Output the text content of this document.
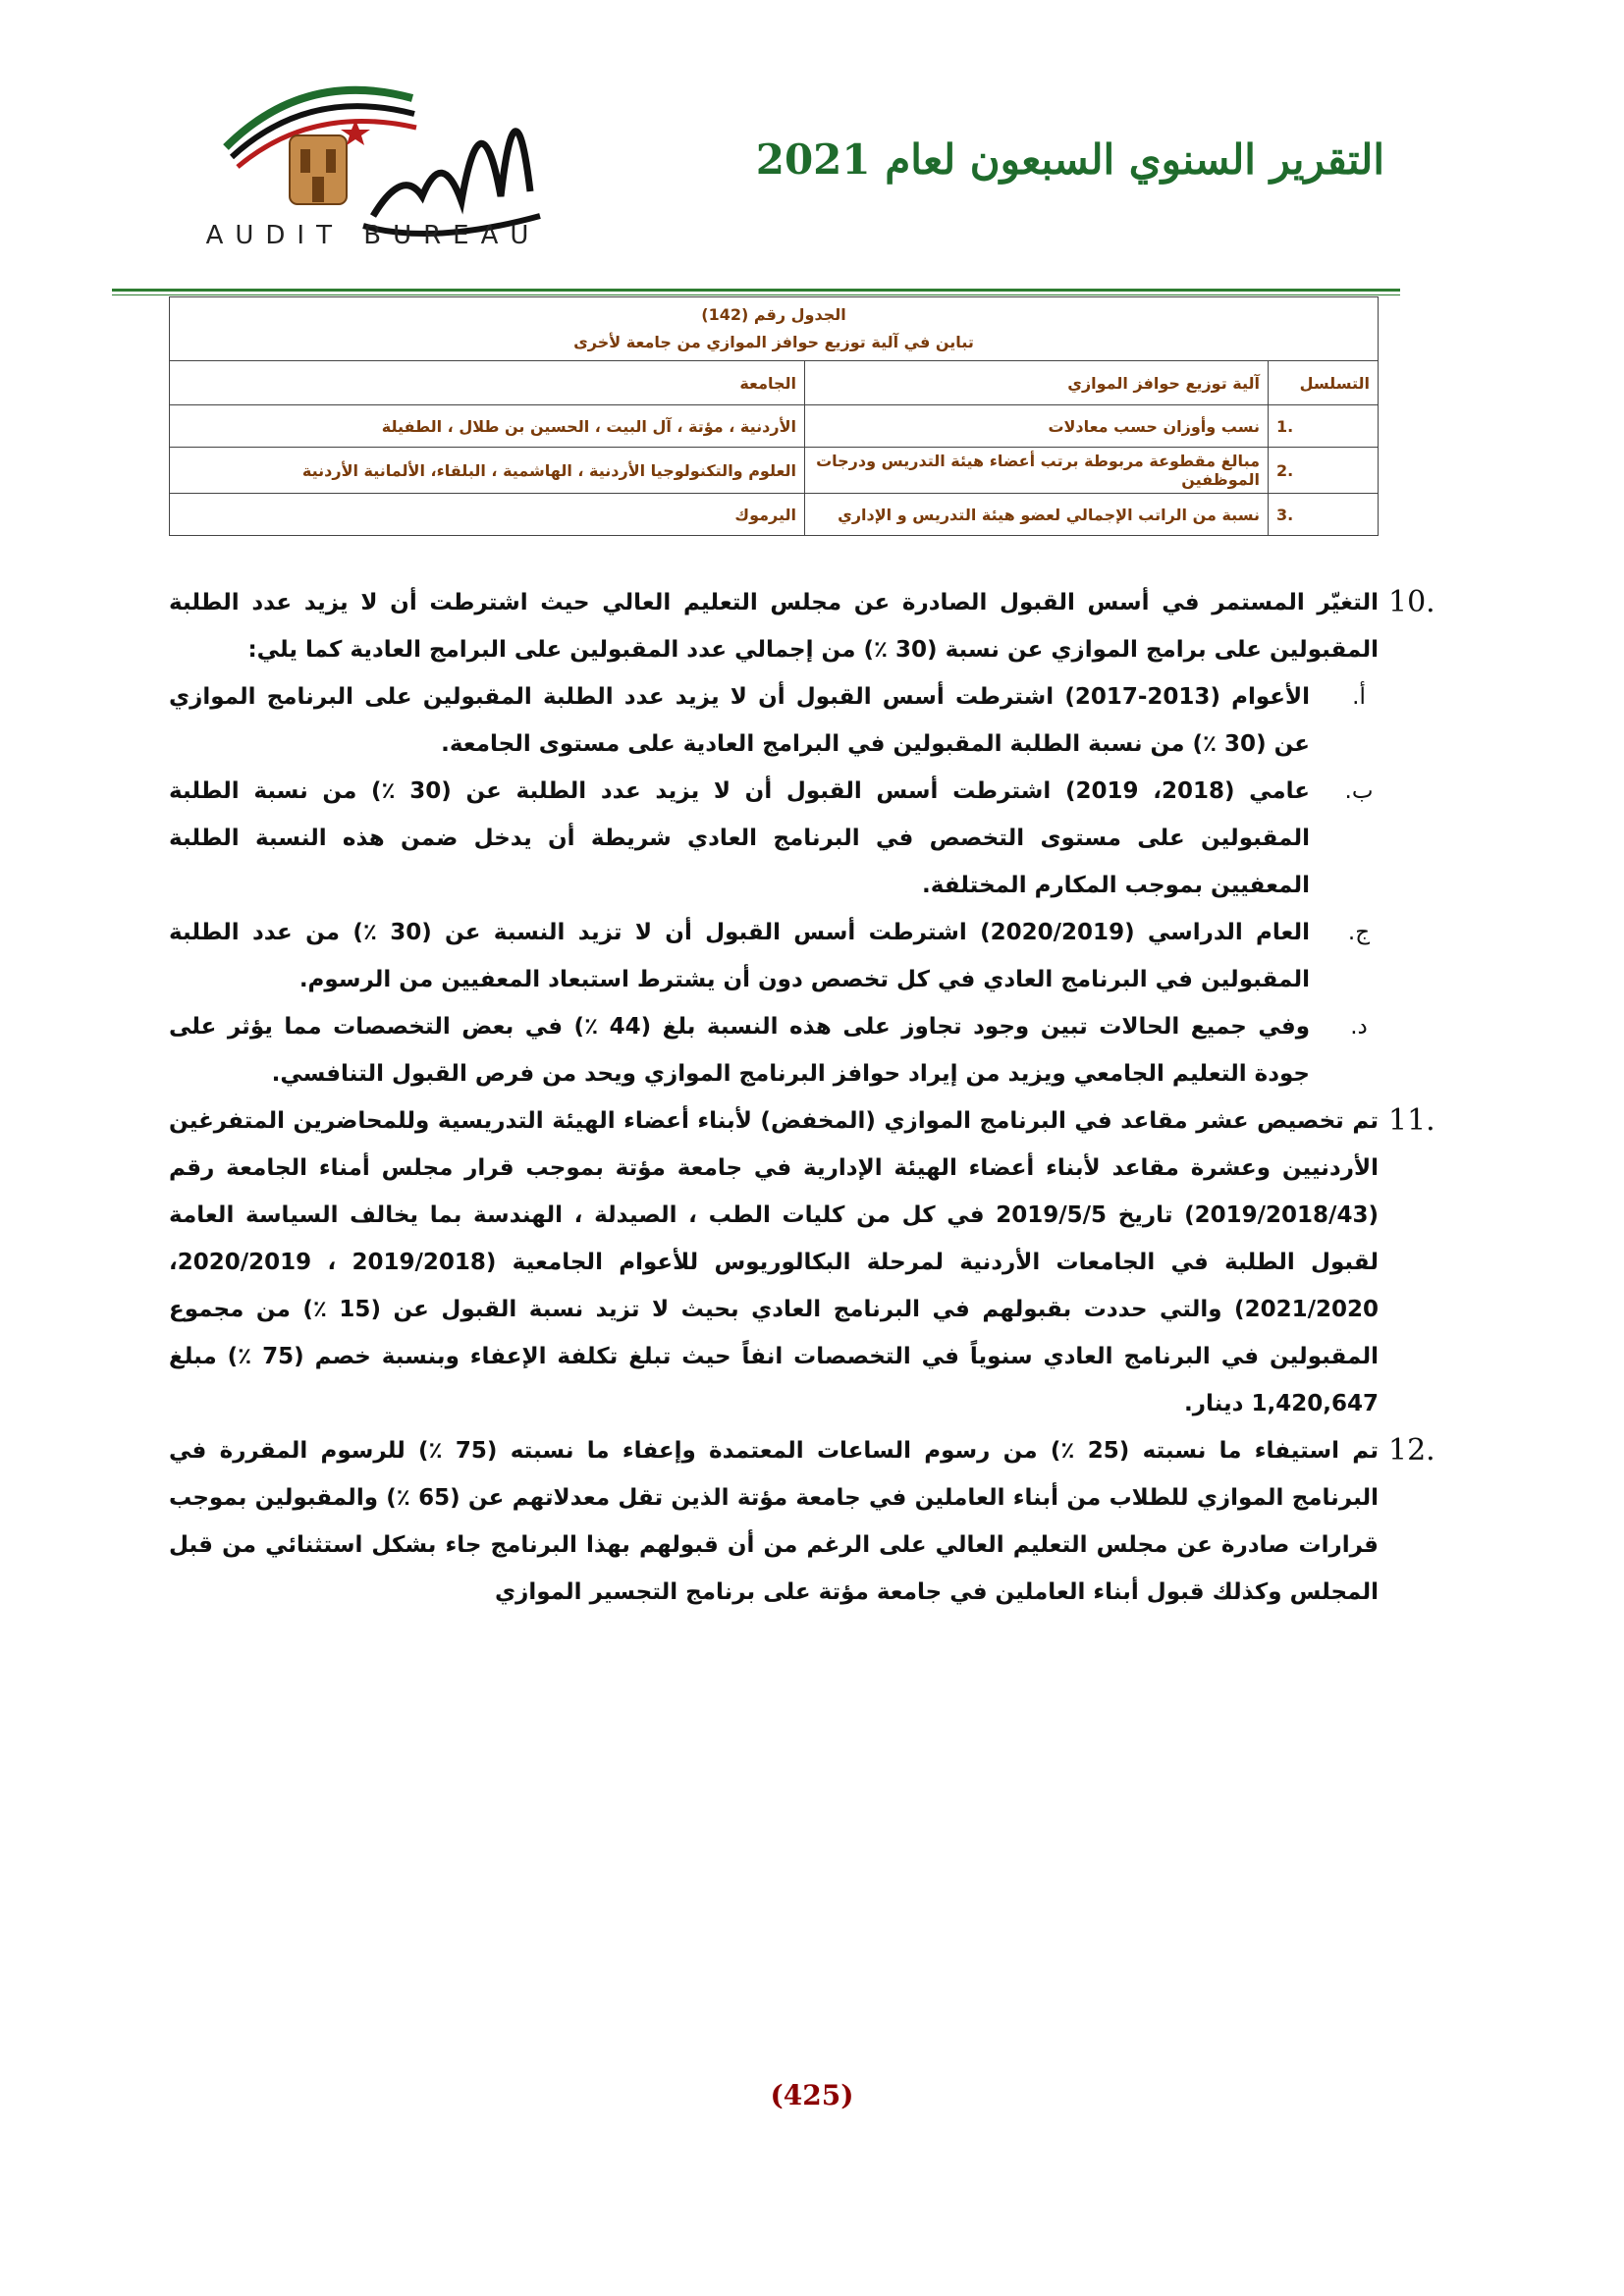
التقرير السنوي السبعون لعام 2021
AUDIT BUREAU
الجدول رقم (142)
تباين في آلية توزيع حوافز الموازي من جامعة لأخرى		

التسلسل	آلية توزيع حوافز الموازي	الجامعة
1.	نسب وأوزان حسب معادلات	الأردنية ، مؤتة ، آل البيت ، الحسين بن طلال ، الطفيلة
2.	مبالغ مقطوعة مربوطة برتب أعضاء هيئة التدريس ودرجات الموظفين	العلوم والتكنولوجيا الأردنية ، الهاشمية ، البلقاء، الألمانية الأردنية
3.	نسبة من الراتب الإجمالي لعضو هيئة التدريس و الإداري	اليرموك
10.
التغيّر المستمر في أسس القبول الصادرة عن مجلس التعليم العالي حيث اشترطت أن لا يزيد عدد الطلبة المقبولين على برامج الموازي عن نسبة (30 ٪) من إجمالي عدد المقبولين على البرامج العادية كما يلي:
أ.
الأعوام (2013-2017) اشترطت أسس القبول أن لا يزيد عدد الطلبة المقبولين على البرنامج الموازي عن (30 ٪) من نسبة الطلبة المقبولين في البرامج العادية على مستوى الجامعة.
ب.
عامي (2018، 2019) اشترطت أسس القبول أن لا يزيد عدد الطلبة عن (30 ٪) من نسبة الطلبة المقبولين على مستوى التخصص في البرنامج العادي شريطة أن يدخل ضمن هذه النسبة الطلبة المعفيين بموجب المكارم المختلفة.
ج.
العام الدراسي (2020/2019) اشترطت أسس القبول أن لا تزيد النسبة عن (30 ٪) من عدد الطلبة المقبولين في البرنامج العادي في كل تخصص دون أن يشترط استبعاد المعفيين من الرسوم.
د.
وفي جميع الحالات تبين وجود تجاوز على هذه النسبة بلغ (44 ٪) في بعض التخصصات مما يؤثر على جودة التعليم الجامعي ويزيد من إيراد حوافز البرنامج الموازي ويحد من فرص القبول التنافسي.
11.
تم تخصيص عشر مقاعد في البرنامج الموازي (المخفض) لأبناء أعضاء الهيئة التدريسية وللمحاضرين المتفرغين الأردنيين وعشرة مقاعد لأبناء أعضاء الهيئة الإدارية في جامعة مؤتة بموجب قرار مجلس أمناء الجامعة رقم (2019/2018/43) تاريخ 2019/5/5 في كل من كليات الطب ، الصيدلة ، الهندسة بما يخالف السياسة العامة لقبول الطلبة في الجامعات الأردنية لمرحلة البكالوريوس للأعوام الجامعية (2019/2018 ، 2020/2019، 2021/2020) والتي حددت بقبولهم في البرنامج العادي بحيث لا تزيد نسبة القبول عن (15 ٪) من مجموع المقبولين في البرنامج العادي سنوياً في التخصصات انفاً حيث تبلغ تكلفة الإعفاء وبنسبة خصم (75 ٪) مبلغ 1,420,647 دينار.
12.
تم استيفاء ما نسبته (25 ٪) من رسوم الساعات المعتمدة وإعفاء ما نسبته (75 ٪) للرسوم المقررة في البرنامج الموازي للطلاب من أبناء العاملين في جامعة مؤتة الذين تقل معدلاتهم عن (65 ٪) والمقبولين بموجب قرارات صادرة عن مجلس التعليم العالي على الرغم من أن قبولهم بهذا البرنامج جاء بشكل استثنائي من قبل المجلس وكذلك قبول أبناء العاملين في جامعة مؤتة على برنامج التجسير الموازي
(425)
